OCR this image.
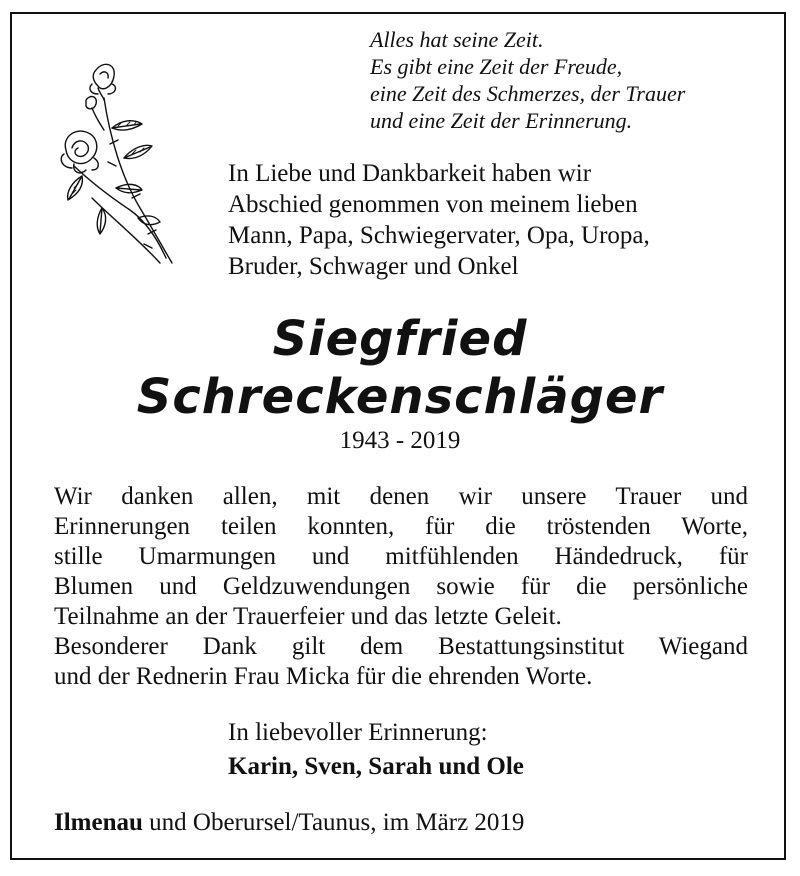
Alles hat seine Zeit.
Es gibt eine Zeit der Freude,
eine Zeit des Schmerzes, der Trauer
und eine Zeit der Erinnerung.
In Liebe und Dankbarkeit haben wir
Abschied genommen von meinem lieben
Mann, Papa, Schwiegervater, Opa, Uropa,
Bruder, Schwager und Onkel
Siegfried
Schreckenschläger
1943 - 2019
Wir danken allen, mit denen wir unsere Trauer und
Erinnerungen teilen konnten, für die tröstenden Worte,
stille Umarmungen und mitfühlenden Händedruck, für
Blumen und Geldzuwendungen sowie für die persönliche
Teilnahme an der Trauerfeier und das letzte Geleit.
Besonderer Dank gilt dem Bestattungsinstitut Wiegand
und der Rednerin Frau Micka für die ehrenden Worte.
In liebevoller Erinnerung:
Karin, Sven, Sarah und Ole
Ilmenau und Oberursel/Taunus, im März 2019
